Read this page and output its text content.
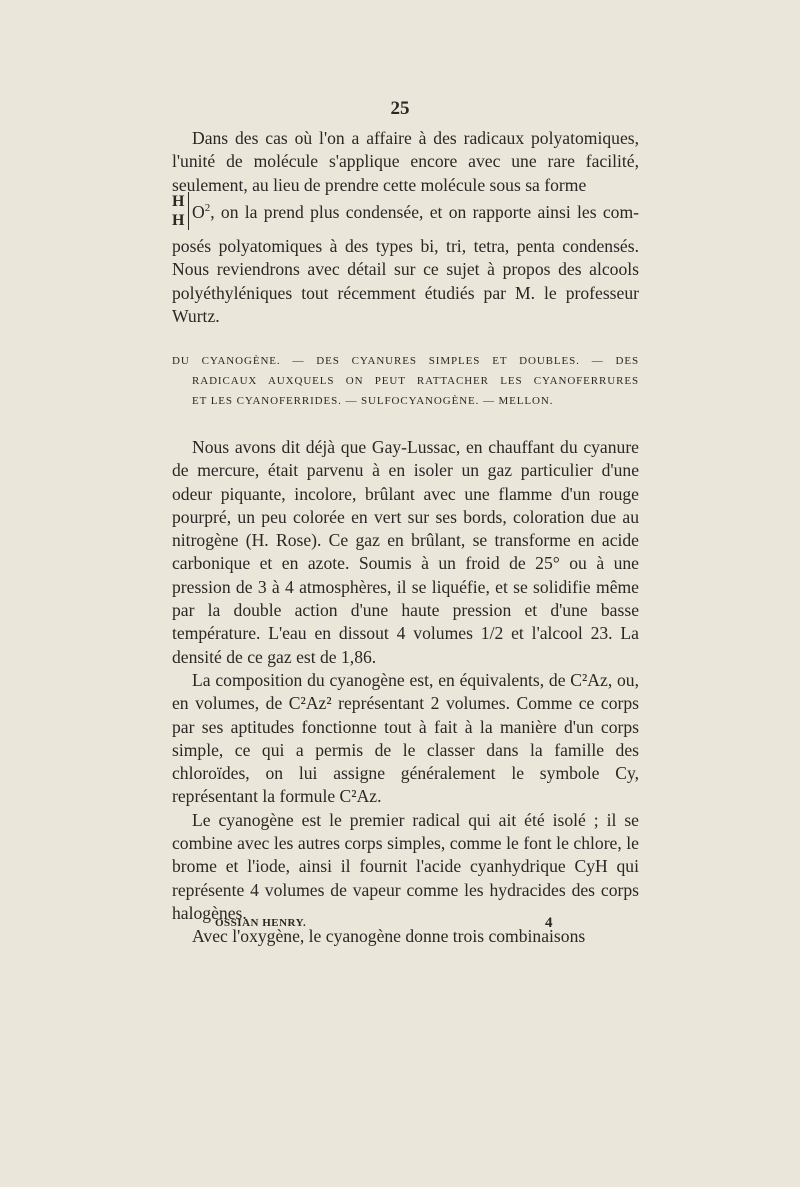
25

Dans des cas où l'on a affaire à des radicaux polyatomiques, l'unité de molécule s'applique encore avec une rare facilité, seulement, au lieu de prendre cette molécule sous sa forme

H
H $O^2$, on la prend plus condensée, et on rapporte ainsi les com-

posés polyatomiques à des types bi, tri, tetra, penta condensés. Nous reviendrons avec détail sur ce sujet à propos des alcools polyéthyléniques tout récemment étudiés par M. le professeur Wurtz.

DU CYANOGÈNE. — DES CYANURES SIMPLES ET DOUBLES. — DES
RADICAUX AUXQUELS ON PEUT RATTACHER LES CYANOFERRURES
ET LES CYANOFERRIDES. — SULFOCYANOGÈNE. — MELLON.

Nous avons dit déjà que Gay-Lussac, en chauffant du cyanure de mercure, était parvenu à en isoler un gaz particulier d'une odeur piquante, incolore, brûlant avec une flamme d'un rouge pourpré, un peu colorée en vert sur ses bords, coloration due au nitrogène (H. Rose). Ce gaz en brûlant, se transforme en acide carbonique et en azote. Soumis à un froid de 25° ou à une pression de 3 à 4 atmosphères, il se liquéfie, et se solidifie même par la double action d'une haute pression et d'une basse température. L'eau en dissout 4 volumes 1/2 et l'alcool 23. La densité de ce gaz est de 1,86.

La composition du cyanogène est, en équivalents, de C²Az, ou, en volumes, de C²Az² représentant 2 volumes. Comme ce corps par ses aptitudes fonctionne tout à fait à la manière d'un corps simple, ce qui a permis de le classer dans la famille des chloroïdes, on lui assigne généralement le symbole Cy, représentant la formule C²Az.

Le cyanogène est le premier radical qui ait été isolé ; il se combine avec les autres corps simples, comme le font le chlore, le brome et l'iode, ainsi il fournit l'acide cyanhydrique CyH qui représente 4 volumes de vapeur comme les hydracides des corps halogènes.

Avec l'oxygène, le cyanogène donne trois combinaisons

OSSIAN HENRY.	4
